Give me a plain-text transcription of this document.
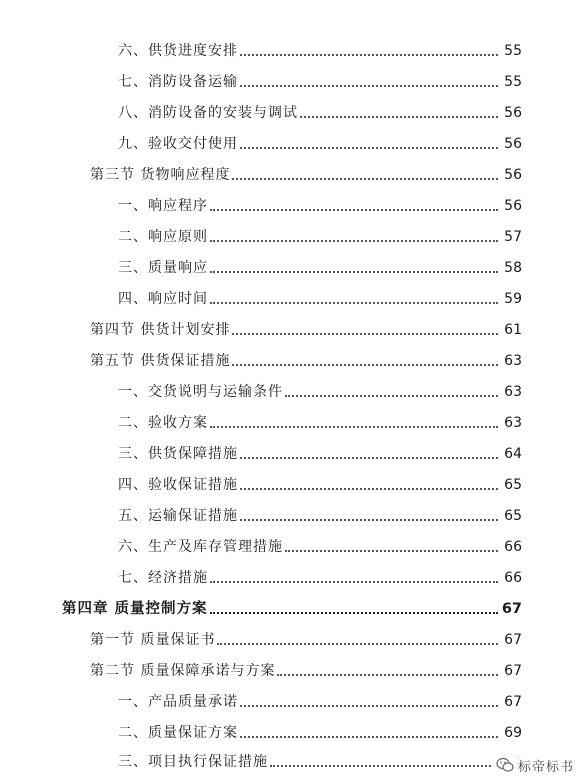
六、供货进度安排	55
七、消防设备运输	55
八、消防设备的安装与调试	56
九、验收交付使用	56
第三节 货物响应程度	56
一、响应程序	56
二、响应原则	57
三、质量响应	58
四、响应时间	59
第四节 供货计划安排	61
第五节 供货保证措施	63
一、交货说明与运输条件	63
二、验收方案	63
三、供货保障措施	64
四、验收保证措施	65
五、运输保证措施	65
六、生产及库存管理措施	66
七、经济措施	66
第四章 质量控制方案	67
第一节 质量保证书	67
第二节 质量保障承诺与方案	67
一、产品质量承诺	67
二、质量保证方案	69
三、项目执行保证措施	标帝标书
